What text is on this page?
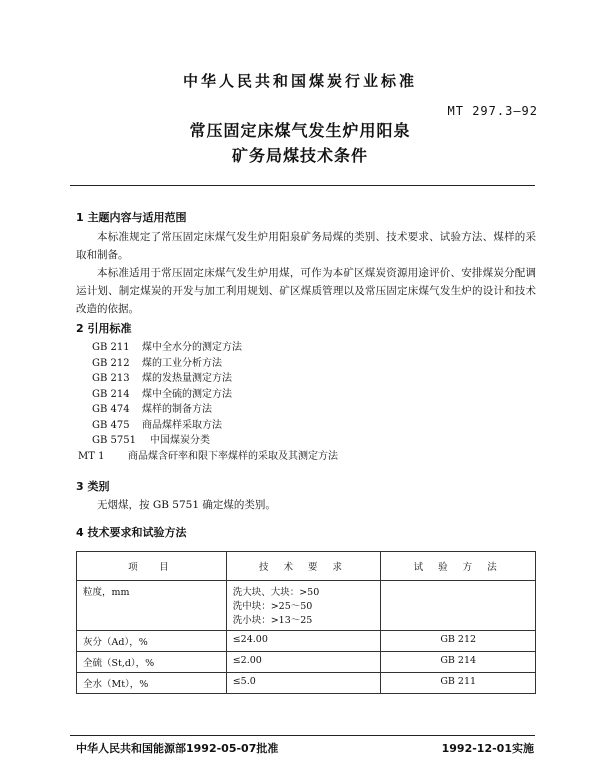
中华人民共和国煤炭行业标准
MT 297.3—92
常压固定床煤气发生炉用阳泉
矿务局煤技术条件
1 主题内容与适用范围
本标准规定了常压固定床煤气发生炉用阳泉矿务局煤的类别、技术要求、试验方法、煤样的采取和制备。
本标准适用于常压固定床煤气发生炉用煤，可作为本矿区煤炭资源用途评价、安排煤炭分配调运计划、制定煤炭的开发与加工利用规划、矿区煤质管理以及常压固定床煤气发生炉的设计和技术改造的依据。
2 引用标准
GB 211 煤中全水分的测定方法
GB 212 煤的工业分析方法
GB 213 煤的发热量测定方法
GB 214 煤中全硫的测定方法
GB 474 煤样的制备方法
GB 475 商品煤样采取方法
GB 5751 中国煤炭分类
MT 1 商品煤含矸率和限下率煤样的采取及其测定方法
3 类别
无烟煤，按 GB 5751 确定煤的类别。
4 技术要求和试验方法
项　目	技 术 要 求	试 验 方 法
粒度，mm	洗大块、大块：>50
洗中块：>25～50
洗小块：>13～25	

灰分（Ad），%	≤24.00	GB 212
全硫（St,d），%	≤2.00	GB 214
全水（Mt），%	≤5.0	GB 211
中华人民共和国能源部1992-05-07批准	1992-12-01实施
